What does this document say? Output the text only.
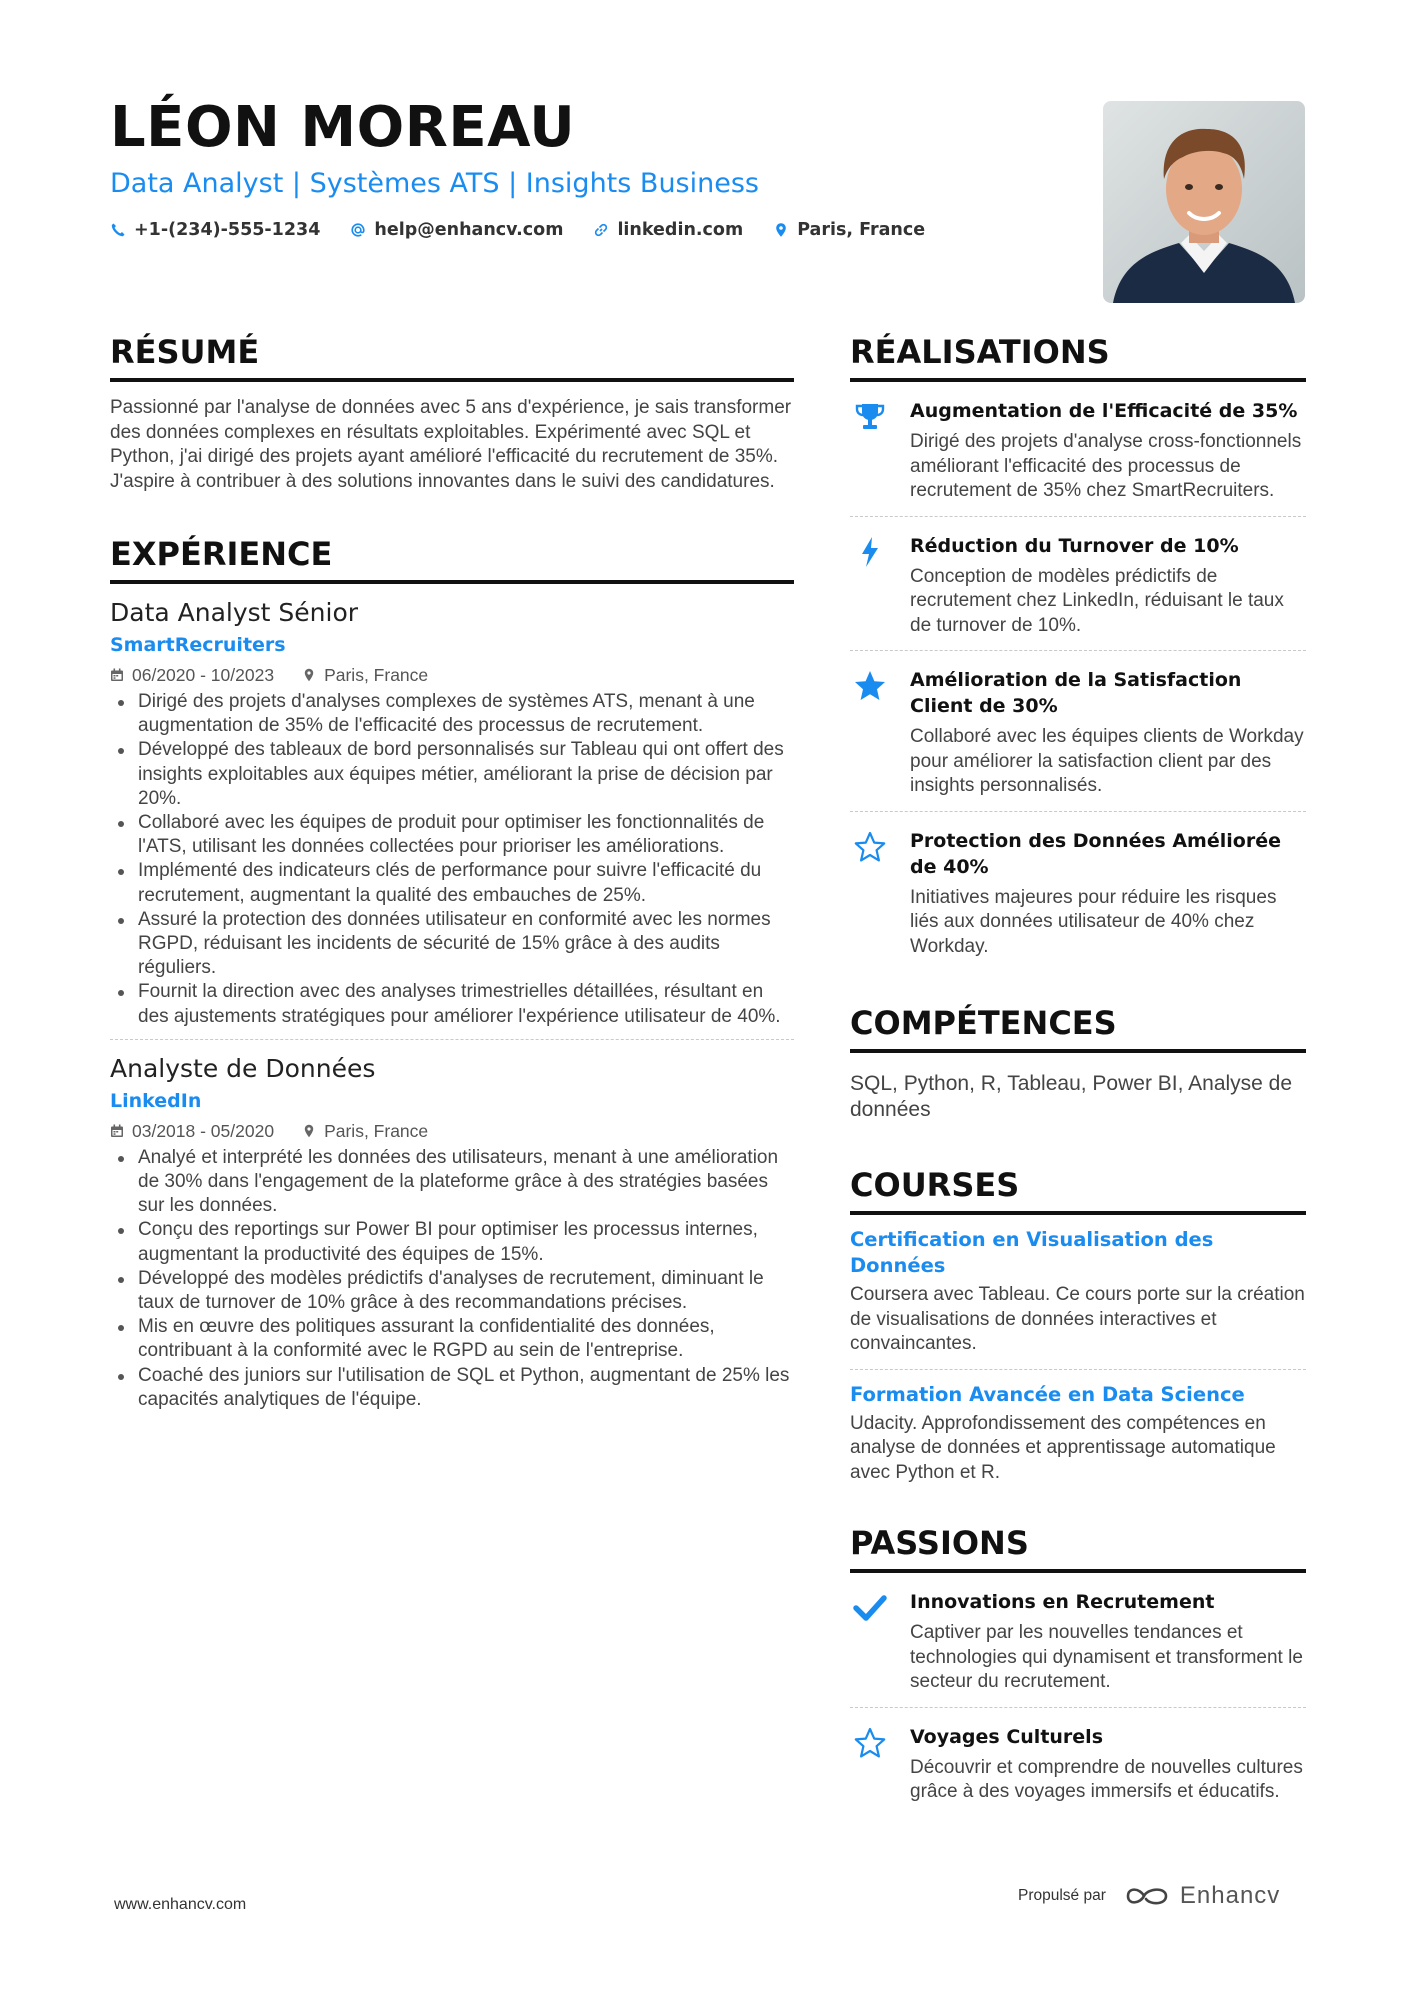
LÉON MOREAU
Data Analyst | Systèmes ATS | Insights Business
+1-(234)-555-1234	help@enhancv.com	linkedin.com	Paris, France
RÉSUMÉ
Passionné par l'analyse de données avec 5 ans d'expérience, je sais transformer des données complexes en résultats exploitables. Expérimenté avec SQL et Python, j'ai dirigé des projets ayant amélioré l'efficacité du recrutement de 35%. J'aspire à contribuer à des solutions innovantes dans le suivi des candidatures.
EXPÉRIENCE
Data Analyst Sénior
SmartRecruiters
06/2020 - 10/2023	Paris, France
Dirigé des projets d'analyses complexes de systèmes ATS, menant à une augmentation de 35% de l'efficacité des processus de recrutement.
Développé des tableaux de bord personnalisés sur Tableau qui ont offert des insights exploitables aux équipes métier, améliorant la prise de décision par 20%.
Collaboré avec les équipes de produit pour optimiser les fonctionnalités de l'ATS, utilisant les données collectées pour prioriser les améliorations.
Implémenté des indicateurs clés de performance pour suivre l'efficacité du recrutement, augmentant la qualité des embauches de 25%.
Assuré la protection des données utilisateur en conformité avec les normes RGPD, réduisant les incidents de sécurité de 15% grâce à des audits réguliers.
Fournit la direction avec des analyses trimestrielles détaillées, résultant en des ajustements stratégiques pour améliorer l'expérience utilisateur de 40%.
Analyste de Données
LinkedIn
03/2018 - 05/2020	Paris, France
Analyé et interprété les données des utilisateurs, menant à une amélioration de 30% dans l'engagement de la plateforme grâce à des stratégies basées sur les données.
Conçu des reportings sur Power BI pour optimiser les processus internes, augmentant la productivité des équipes de 15%.
Développé des modèles prédictifs d'analyses de recrutement, diminuant le taux de turnover de 10% grâce à des recommandations précises.
Mis en œuvre des politiques assurant la confidentialité des données, contribuant à la conformité avec le RGPD au sein de l'entreprise.
Coaché des juniors sur l'utilisation de SQL et Python, augmentant de 25% les capacités analytiques de l'équipe.
RÉALISATIONS
Augmentation de l'Efficacité de 35%
Dirigé des projets d'analyse cross-fonctionnels améliorant l'efficacité des processus de recrutement de 35% chez SmartRecruiters.
Réduction du Turnover de 10%
Conception de modèles prédictifs de recrutement chez LinkedIn, réduisant le taux de turnover de 10%.
Amélioration de la Satisfaction Client de 30%
Collaboré avec les équipes clients de Workday pour améliorer la satisfaction client par des insights personnalisés.
Protection des Données Améliorée de 40%
Initiatives majeures pour réduire les risques liés aux données utilisateur de 40% chez Workday.
COMPÉTENCES
SQL, Python, R, Tableau, Power BI, Analyse de données
COURSES
Certification en Visualisation des Données
Coursera avec Tableau. Ce cours porte sur la création de visualisations de données interactives et convaincantes.
Formation Avancée en Data Science
Udacity. Approfondissement des compétences en analyse de données et apprentissage automatique avec Python et R.
PASSIONS
Innovations en Recrutement
Captiver par les nouvelles tendances et technologies qui dynamisent et transforment le secteur du recrutement.
Voyages Culturels
Découvrir et comprendre de nouvelles cultures grâce à des voyages immersifs et éducatifs.
www.enhancv.com
Propulsé par	Enhancv
